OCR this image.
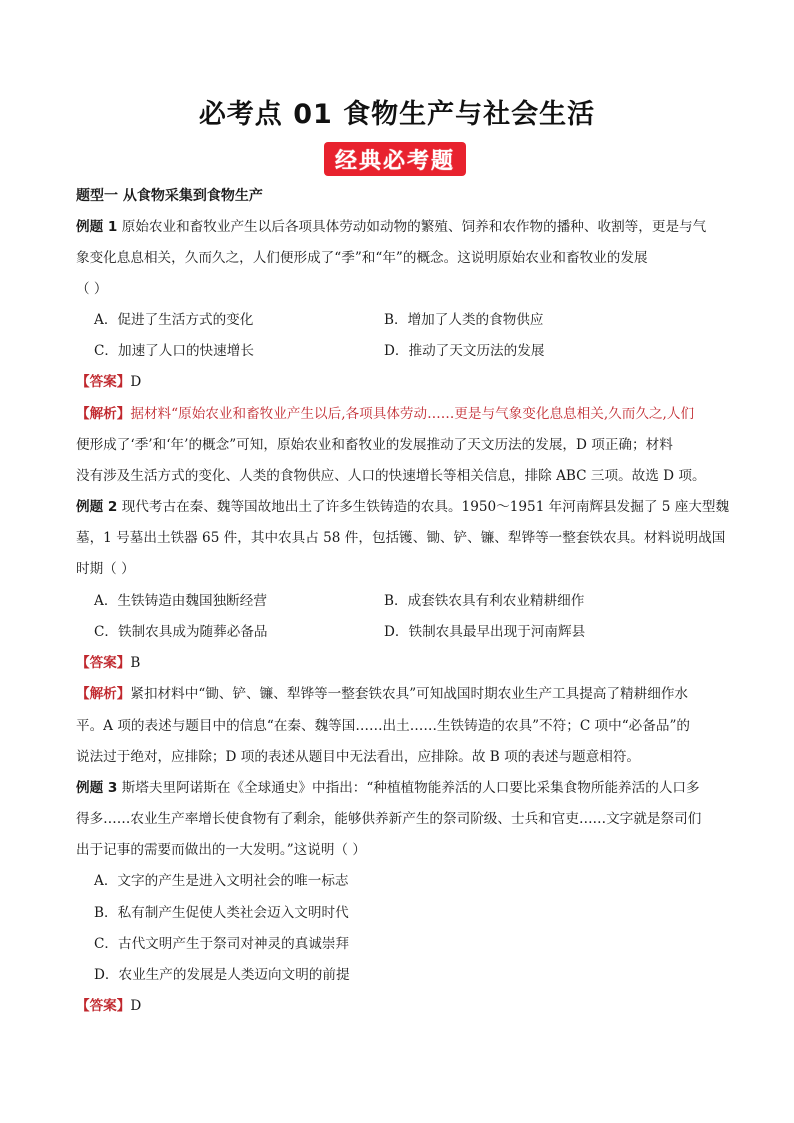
必考点 01 食物生产与社会生活
经典必考题
题型一 从食物采集到食物生产
例题 1 原始农业和畜牧业产生以后各项具体劳动如动物的繁殖、饲养和农作物的播种、收割等，更是与气
象变化息息相关，久而久之，人们便形成了“季”和“年”的概念。这说明原始农业和畜牧业的发展
（ ）
A．促进了生活方式的变化	B．增加了人类的食物供应
C．加速了人口的快速增长	D．推动了天文历法的发展
【答案】D
【解析】据材料“原始农业和畜牧业产生以后,各项具体劳动……更是与气象变化息息相关,久而久之,人们
便形成了‘季’和‘年’的概念”可知，原始农业和畜牧业的发展推动了天文历法的发展，D 项正确；材料
没有涉及生活方式的变化、人类的食物供应、人口的快速增长等相关信息，排除 ABC 三项。故选 D 项。
例题 2 现代考古在秦、魏等国故地出土了许多生铁铸造的农具。1950～1951 年河南辉县发掘了 5 座大型魏
墓，1 号墓出土铁器 65 件，其中农具占 58 件，包括镬、锄、铲、镰、犁铧等一整套铁农具。材料说明战国
时期（ ）
A．生铁铸造由魏国独断经营	B．成套铁农具有利农业精耕细作
C．铁制农具成为随葬必备品	D．铁制农具最早出现于河南辉县
【答案】B
【解析】紧扣材料中“锄、铲、镰、犁铧等一整套铁农具”可知战国时期农业生产工具提高了精耕细作水
平。A 项的表述与题目中的信息“在秦、魏等国……出土……生铁铸造的农具”不符；C 项中“必备品”的
说法过于绝对，应排除；D 项的表述从题目中无法看出，应排除。故 B 项的表述与题意相符。
例题 3 斯塔夫里阿诺斯在《全球通史》中指出：“种植植物能养活的人口要比采集食物所能养活的人口多
得多……农业生产率增长使食物有了剩余，能够供养新产生的祭司阶级、士兵和官吏……文字就是祭司们
出于记事的需要而做出的一大发明。”这说明（ ）
A．文字的产生是进入文明社会的唯一标志
B．私有制产生促使人类社会迈入文明时代
C．古代文明产生于祭司对神灵的真诚崇拜
D．农业生产的发展是人类迈向文明的前提
【答案】D
